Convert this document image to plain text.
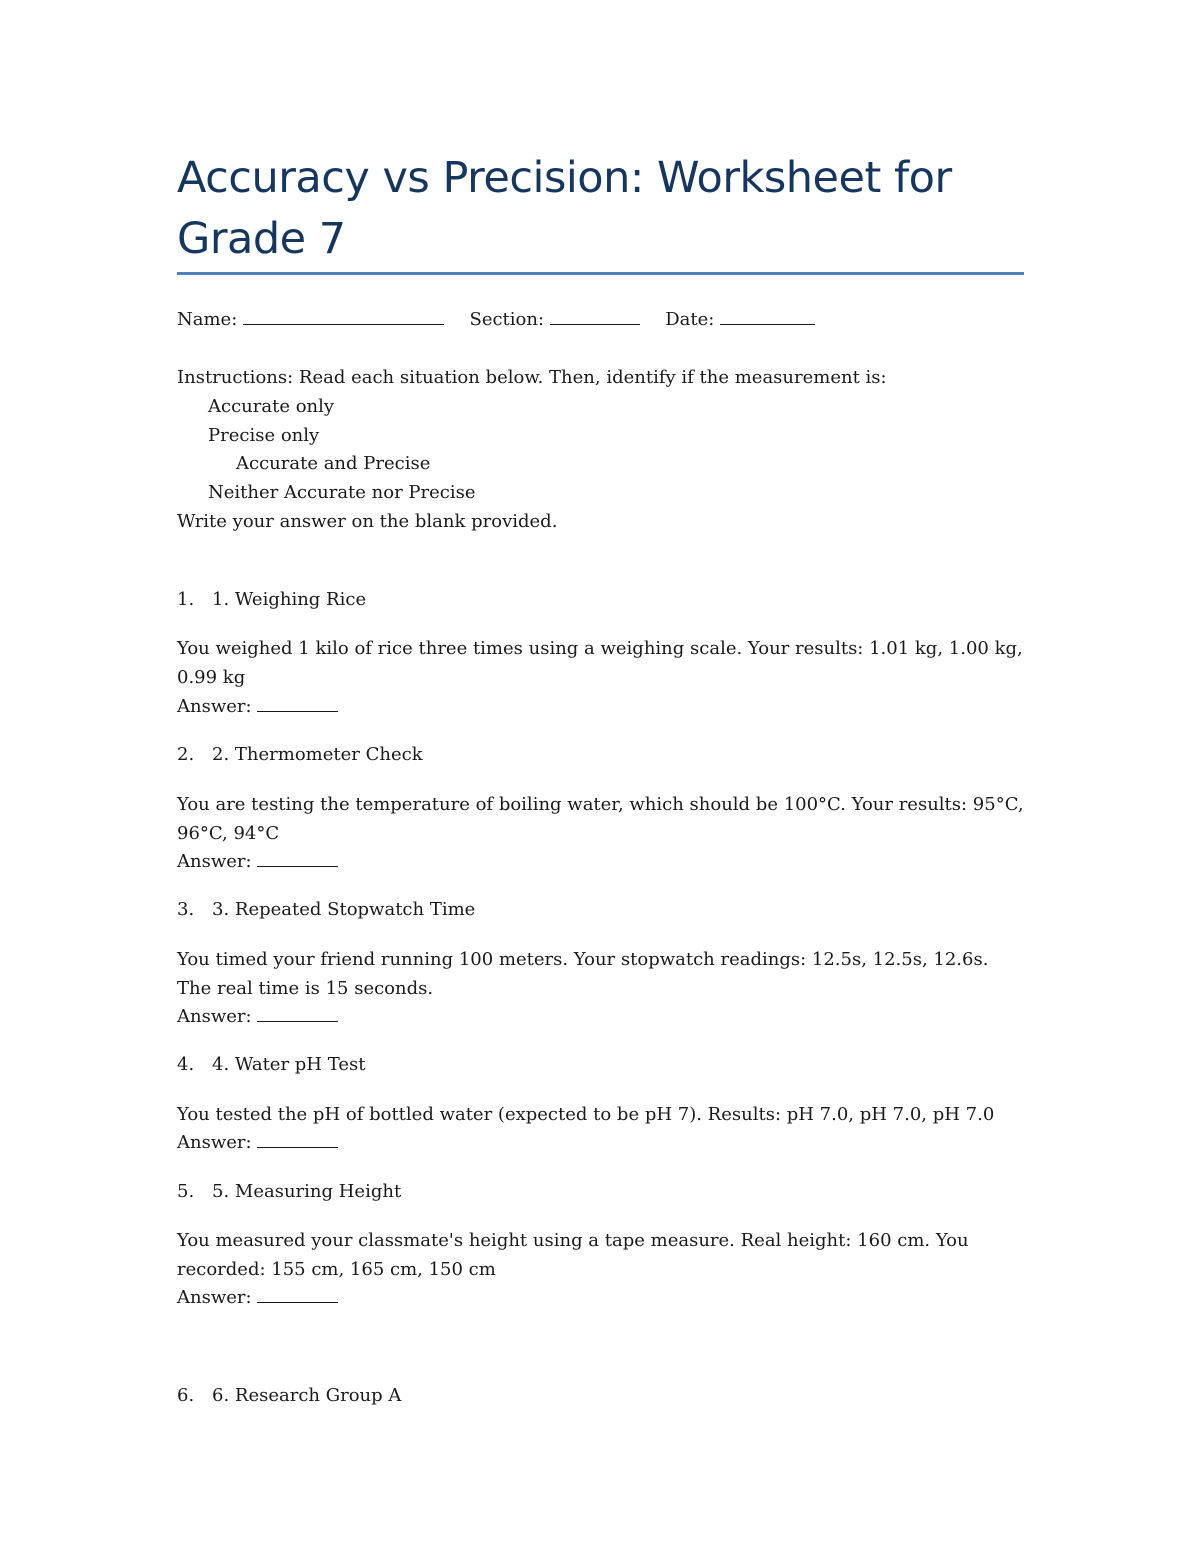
Accuracy vs Precision: Worksheet for Grade 7
Name:	Section:	Date:
Instructions: Read each situation below. Then, identify if the measurement is:
Accurate only
Precise only
Accurate and Precise
Neither Accurate nor Precise
Write your answer on the blank provided.
1. 1. Weighing Rice
You weighed 1 kilo of rice three times using a weighing scale. Your results: 1.01 kg, 1.00 kg, 0.99 kg
Answer:
2. 2. Thermometer Check
You are testing the temperature of boiling water, which should be 100°C. Your results: 95°C, 96°C, 94°C
Answer:
3. 3. Repeated Stopwatch Time
You timed your friend running 100 meters. Your stopwatch readings: 12.5s, 12.5s, 12.6s. The real time is 15 seconds.
Answer:
4. 4. Water pH Test
You tested the pH of bottled water (expected to be pH 7). Results: pH 7.0, pH 7.0, pH 7.0
Answer:
5. 5. Measuring Height
You measured your classmate's height using a tape measure. Real height: 160 cm. You recorded: 155 cm, 165 cm, 150 cm
Answer:
6. 6. Research Group A
